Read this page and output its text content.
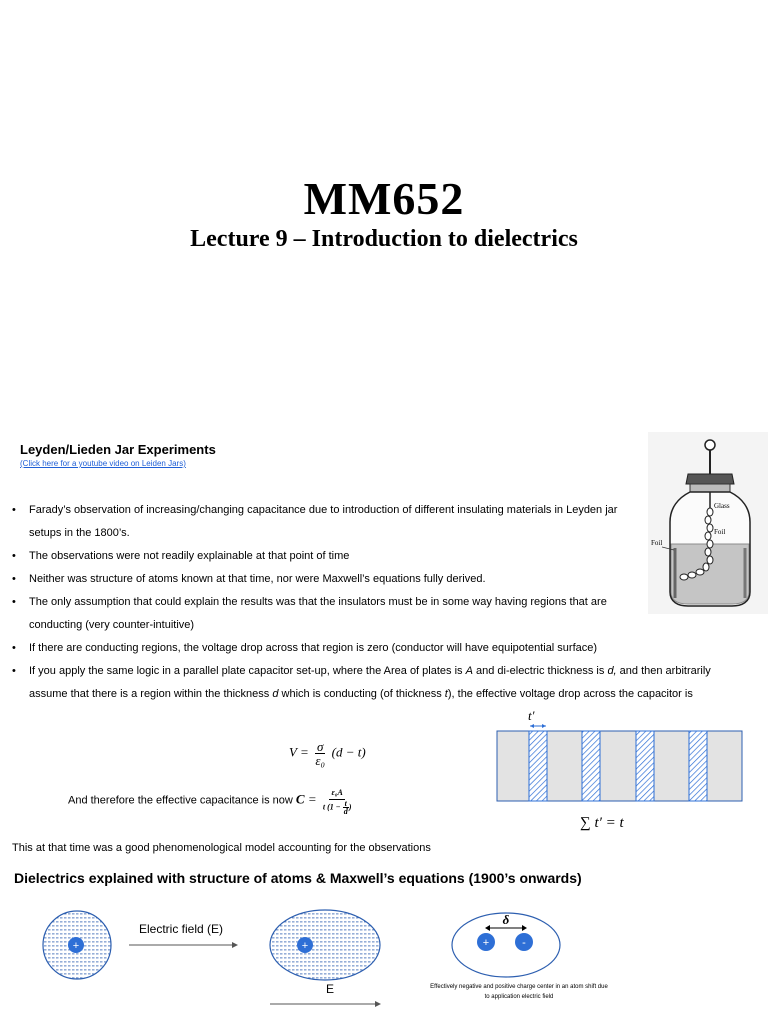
MM652
Lecture 9 – Introduction to dielectrics
Leyden/Lieden Jar Experiments
(Click here for a youtube video on Leiden Jars)
Glass
Foil
Foil
• Farady’s observation of increasing/changing capacitance due to introduction of different insulating materials in Leyden jar setups in the 1800’s.
• The observations were not readily explainable at that point of time
• Neither was structure of atoms known at that time, nor were Maxwell’s equations fully derived.
• The only assumption that could explain the results was that the insulators must be in some way having regions that are conducting (very counter-intuitive)
• If there are conducting regions, the voltage drop across that region is zero (conductor will have equipotential surface)
• If you apply the same logic in a parallel plate capacitor set-up, where the Area of plates is A and di-electric thickness is d, and then arbitrarily assume that there is a region within the thickness d which is conducting (of thickness t), the effective voltage drop across the capacitor is
$V = \frac{\sigma}{\text{ε₀}} (d - t)$
And therefore the effective capacitance is now $C = \frac{\text{ε₀A}}{t (1 - \frac{t}{d} )}$
t′
∑ t′ = t
This at that time was a good phenomenological model accounting for the observations
Dielectrics explained with structure of atoms & Maxwell’s equations (1900’s onwards)
+	+
δ
+	-
Electric field (E)
E	Effectively negative and positive charge center in an atom shift due to application electric field
